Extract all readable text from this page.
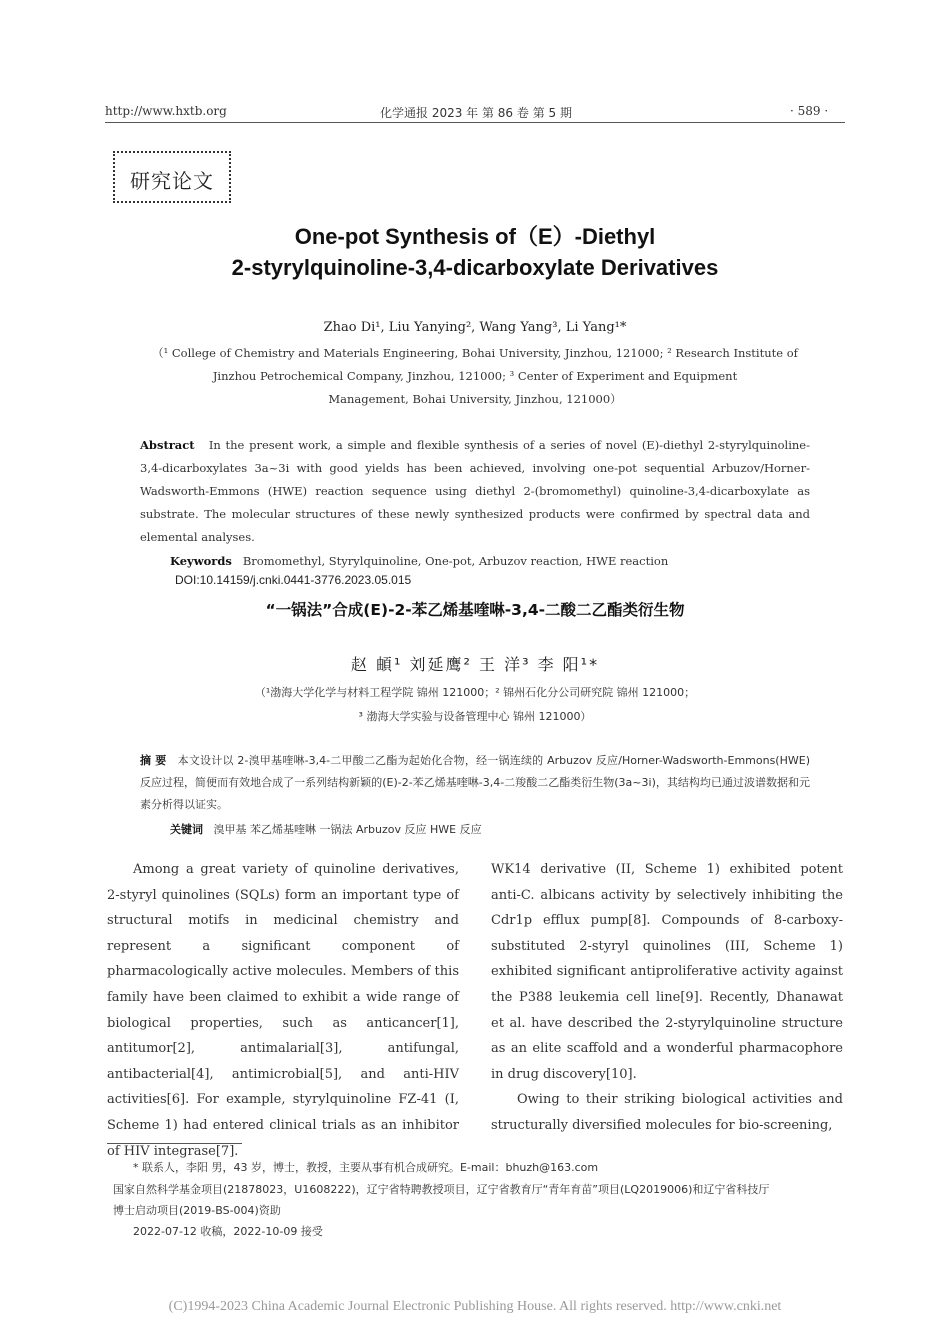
http://www.hxtb.org	化学通报 2023 年 第 86 卷 第 5 期	· 589 ·
研究论文
One-pot Synthesis of（E）-Diethyl
2-styrylquinoline-3,4-dicarboxylate Derivatives
Zhao Di¹, Liu Yanying², Wang Yang³, Li Yang¹*
（¹ College of Chemistry and Materials Engineering, Bohai University, Jinzhou, 121000; ² Research Institute of
Jinzhou Petrochemical Company, Jinzhou, 121000; ³ Center of Experiment and Equipment
Management, Bohai University, Jinzhou, 121000）
Abstract In the present work, a simple and flexible synthesis of a series of novel (E)-diethyl 2-styrylquinoline-3,4-dicarboxylates 3a~3i with good yields has been achieved, involving one-pot sequential Arbuzov/Horner-Wadsworth-Emmons (HWE) reaction sequence using diethyl 2-(bromomethyl) quinoline-3,4-dicarboxylate as substrate. The molecular structures of these newly synthesized products were confirmed by spectral data and elemental analyses.
Keywords Bromomethyl, Styrylquinoline, One-pot, Arbuzov reaction, HWE reaction
DOI:10.14159/j.cnki.0441-3776.2023.05.015
“一锅法”合成(E)-2-苯乙烯基喹啉-3,4-二酸二乙酯类衍生物
赵 頔¹ 刘延鹰² 王 洋³ 李 阳¹*
（¹渤海大学化学与材料工程学院 锦州 121000；² 锦州石化分公司研究院 锦州 121000；
³ 渤海大学实验与设备管理中心 锦州 121000）
摘 要 本文设计以 2-溴甲基喹啉-3,4-二甲酸二乙酯为起始化合物，经一锅连续的 Arbuzov 反应/Horner-Wadsworth-Emmons(HWE)反应过程，简便而有效地合成了一系列结构新颖的(E)-2-苯乙烯基喹啉-3,4-二羧酸二乙酯类衍生物(3a~3i)，其结构均已通过波谱数据和元素分析得以证实。
关键词 溴甲基 苯乙烯基喹啉 一锅法 Arbuzov 反应 HWE 反应

Among a great variety of quinoline derivatives, 2-styryl quinolines (SQLs) form an important type of structural motifs in medicinal chemistry and represent a significant component of pharmacologically active molecules. Members of this family have been claimed to exhibit a wide range of biological properties, such as anticancer[1], antitumor[2], antimalarial[3], antifungal, antibacterial[4], antimicrobial[5], and anti-HIV activities[6]. For example, styrylquinoline FZ-41 (I, Scheme 1) had entered clinical trials as an inhibitor of HIV integrase[7].

WK14 derivative (II, Scheme 1) exhibited potent anti-C. albicans activity by selectively inhibiting the Cdr1p efflux pump[8]. Compounds of 8-carboxy-substituted 2-styryl quinolines (III, Scheme 1) exhibited significant antiproliferative activity against the P388 leukemia cell line[9]. Recently, Dhanawat et al. have described the 2-styrylquinoline structure as an elite scaffold and a wonderful pharmacophore in drug discovery[10].

Owing to their striking biological activities and structurally diversified molecules for bio-screening,

* 联系人，李阳 男，43 岁，博士，教授，主要从事有机合成研究。E-mail：bhuzh@163.com
国家自然科学基金项目(21878023，U1608222)，辽宁省特聘教授项目，辽宁省教育厅“青年育苗”项目(LQ2019006)和辽宁省科技厅
博士启动项目(2019-BS-004)资助
2022-07-12 收稿，2022-10-09 接受
(C)1994-2023 China Academic Journal Electronic Publishing House. All rights reserved. http://www.cnki.net
